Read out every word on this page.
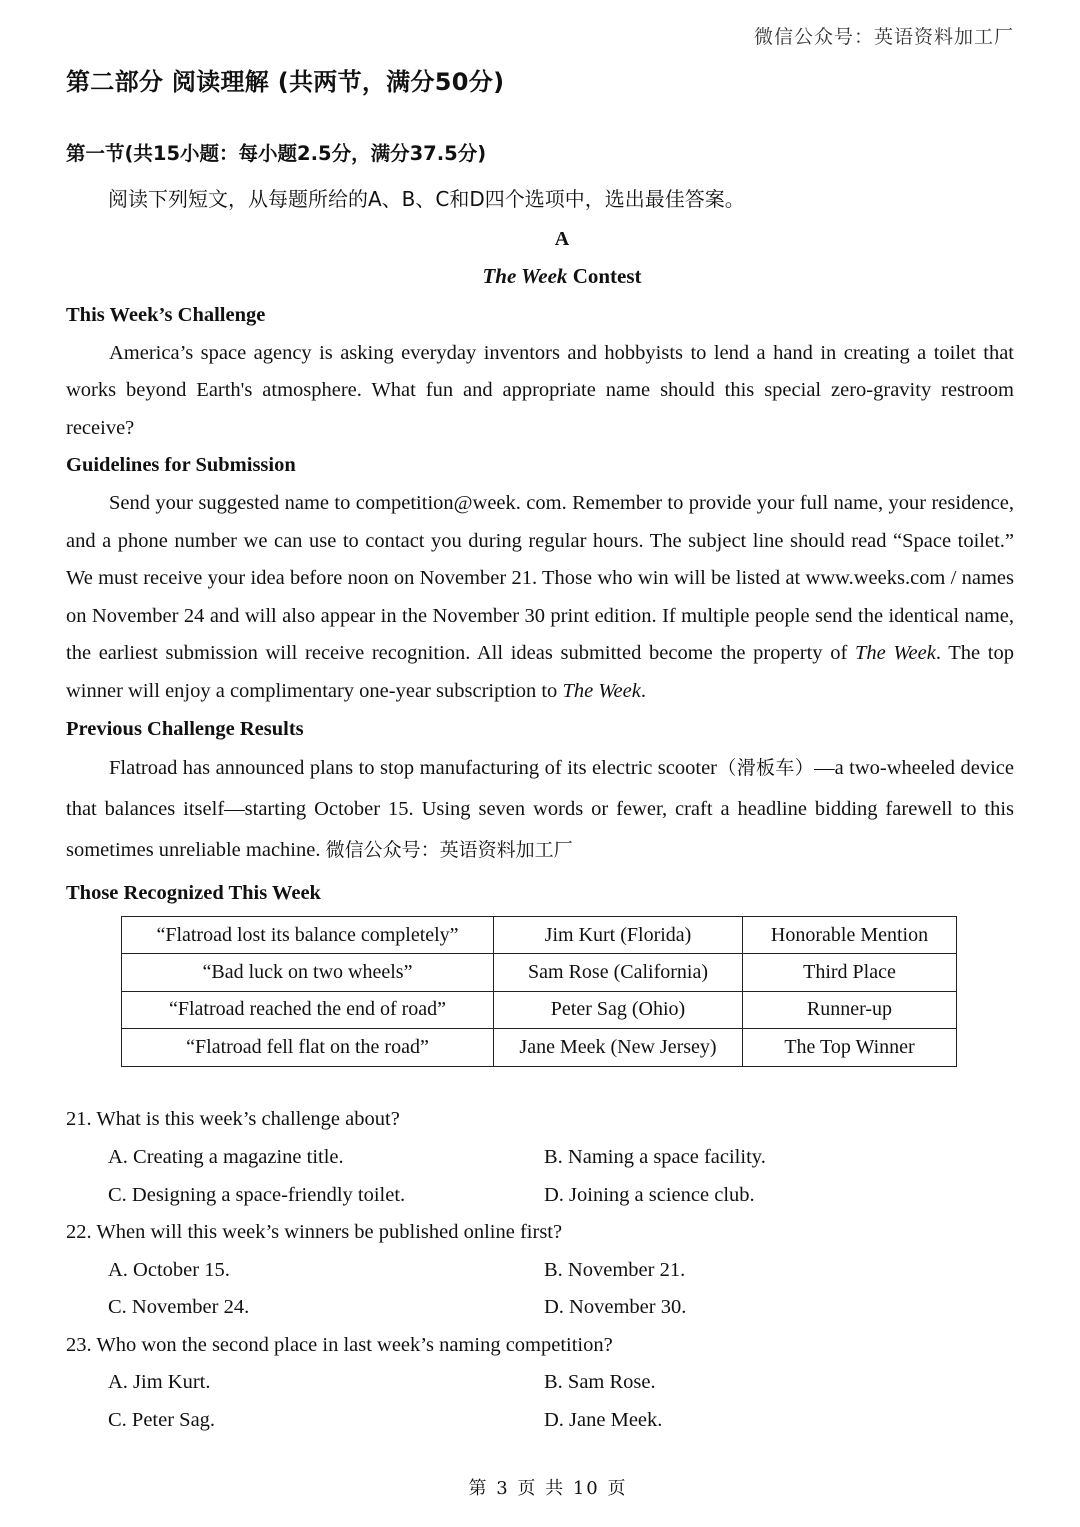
微信公众号：英语资料加工厂
第二部分 阅读理解 (共两节，满分50分)
第一节(共15小题：每小题2.5分，满分37.5分)
阅读下列短文，从每题所给的A、B、C和D四个选项中，选出最佳答案。
A
The Week Contest
This Week’s Challenge
America’s space agency is asking everyday inventors and hobbyists to lend a hand in creating a toilet that works beyond Earth's atmosphere. What fun and appropriate name should this special zero-gravity restroom receive?
Guidelines for Submission
Send your suggested name to competition@week. com. Remember to provide your full name, your residence, and a phone number we can use to contact you during regular hours. The subject line should read “Space toilet.” We must receive your idea before noon on November 21. Those who win will be listed at www.weeks.com / names on November 24 and will also appear in the November 30 print edition. If multiple people send the identical name, the earliest submission will receive recognition. All ideas submitted become the property of The Week. The top winner will enjoy a complimentary one-year subscription to The Week.
Previous Challenge Results
Flatroad has announced plans to stop manufacturing of its electric scooter（滑板车）—a two-wheeled device that balances itself—starting October 15. Using seven words or fewer, craft a headline bidding farewell to this sometimes unreliable machine. 微信公众号：英语资料加工厂
Those Recognized This Week
“Flatroad lost its balance completely”	Jim Kurt (Florida)	Honorable Mention
“Bad luck on two wheels”	Sam Rose (California)	Third Place
“Flatroad reached the end of road”	Peter Sag (Ohio)	Runner-up
“Flatroad fell flat on the road”	Jane Meek (New Jersey)	The Top Winner
21. What is this week’s challenge about?
A. Creating a magazine title.	B. Naming a space facility.
C. Designing a space-friendly toilet.	D. Joining a science club.
22. When will this week’s winners be published online first?
A. October 15.	B. November 21.
C. November 24.	D. November 30.
23. Who won the second place in last week’s naming competition?
A. Jim Kurt.	B. Sam Rose.
C. Peter Sag.	D. Jane Meek.
第 3 页 共 10 页
